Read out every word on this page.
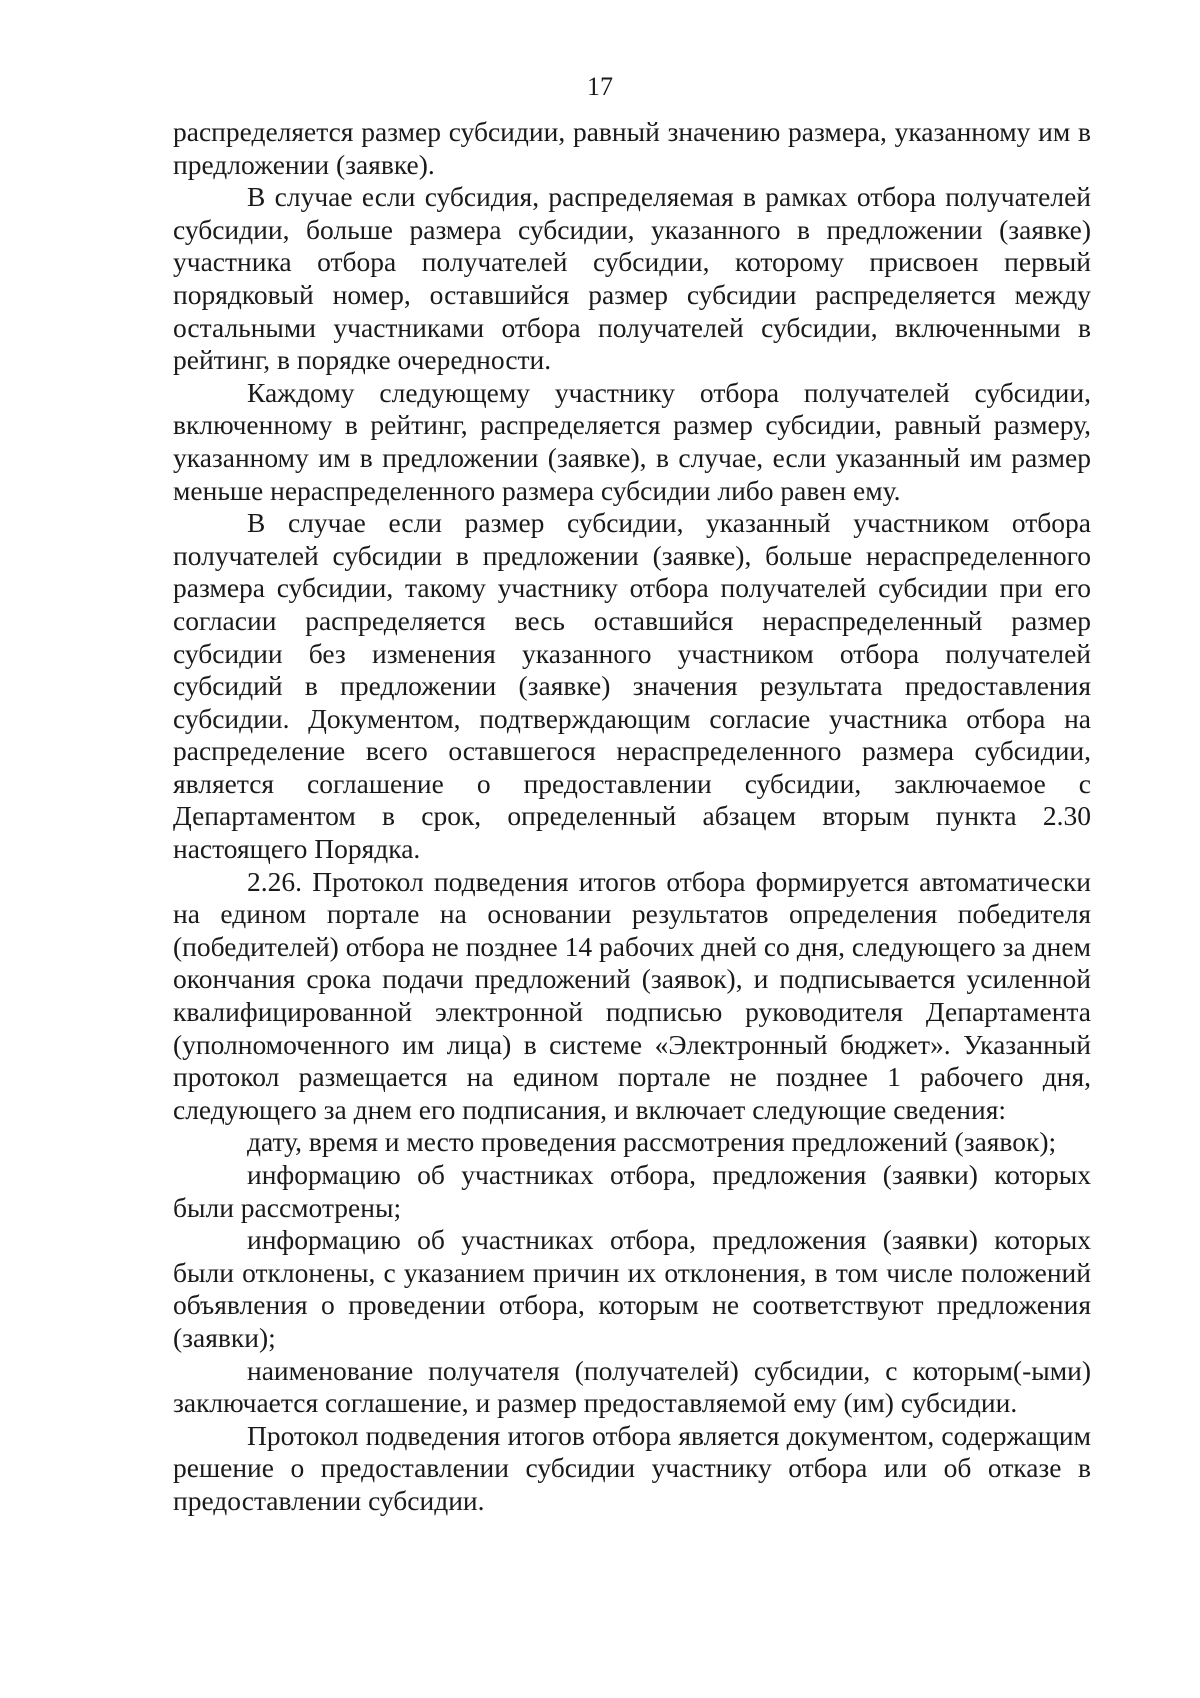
17

распределяется размер субсидии, равный значению размера, указанному им в предложении (заявке).

В случае если субсидия, распределяемая в рамках отбора получателей субсидии, больше размера субсидии, указанного в предложении (заявке) участника отбора получателей субсидии, которому присвоен первый порядковый номер, оставшийся размер субсидии распределяется между остальными участниками отбора получателей субсидии, включенными в рейтинг, в порядке очередности.

Каждому следующему участнику отбора получателей субсидии, включенному в рейтинг, распределяется размер субсидии, равный размеру, указанному им в предложении (заявке), в случае, если указанный им размер меньше нераспределенного размера субсидии либо равен ему.

В случае если размер субсидии, указанный участником отбора получателей субсидии в предложении (заявке), больше нераспределенного размера субсидии, такому участнику отбора получателей субсидии при его согласии распределяется весь оставшийся нераспределенный размер субсидии без изменения указанного участником отбора получателей субсидий в предложении (заявке) значения результата предоставления субсидии. Документом, подтверждающим согласие участника отбора на распределение всего оставшегося нераспределенного размера субсидии, является соглашение о предоставлении субсидии, заключаемое с Департаментом в срок, определенный абзацем вторым пункта 2.30 настоящего Порядка.

2.26. Протокол подведения итогов отбора формируется автоматически на едином портале на основании результатов определения победителя (победителей) отбора не позднее 14 рабочих дней со дня, следующего за днем окончания срока подачи предложений (заявок), и подписывается усиленной квалифицированной электронной подписью руководителя Департамента (уполномоченного им лица) в системе «Электронный бюджет». Указанный протокол размещается на едином портале не позднее 1 рабочего дня, следующего за днем его подписания, и включает следующие сведения:

дату, время и место проведения рассмотрения предложений (заявок);

информацию об участниках отбора, предложения (заявки) которых были рассмотрены;

информацию об участниках отбора, предложения (заявки) которых были отклонены, с указанием причин их отклонения, в том числе положений объявления о проведении отбора, которым не соответствуют предложения (заявки);

наименование получателя (получателей) субсидии, с которым(-ыми) заключается соглашение, и размер предоставляемой ему (им) субсидии.

Протокол подведения итогов отбора является документом, содержащим решение о предоставлении субсидии участнику отбора или об отказе в предоставлении субсидии.
